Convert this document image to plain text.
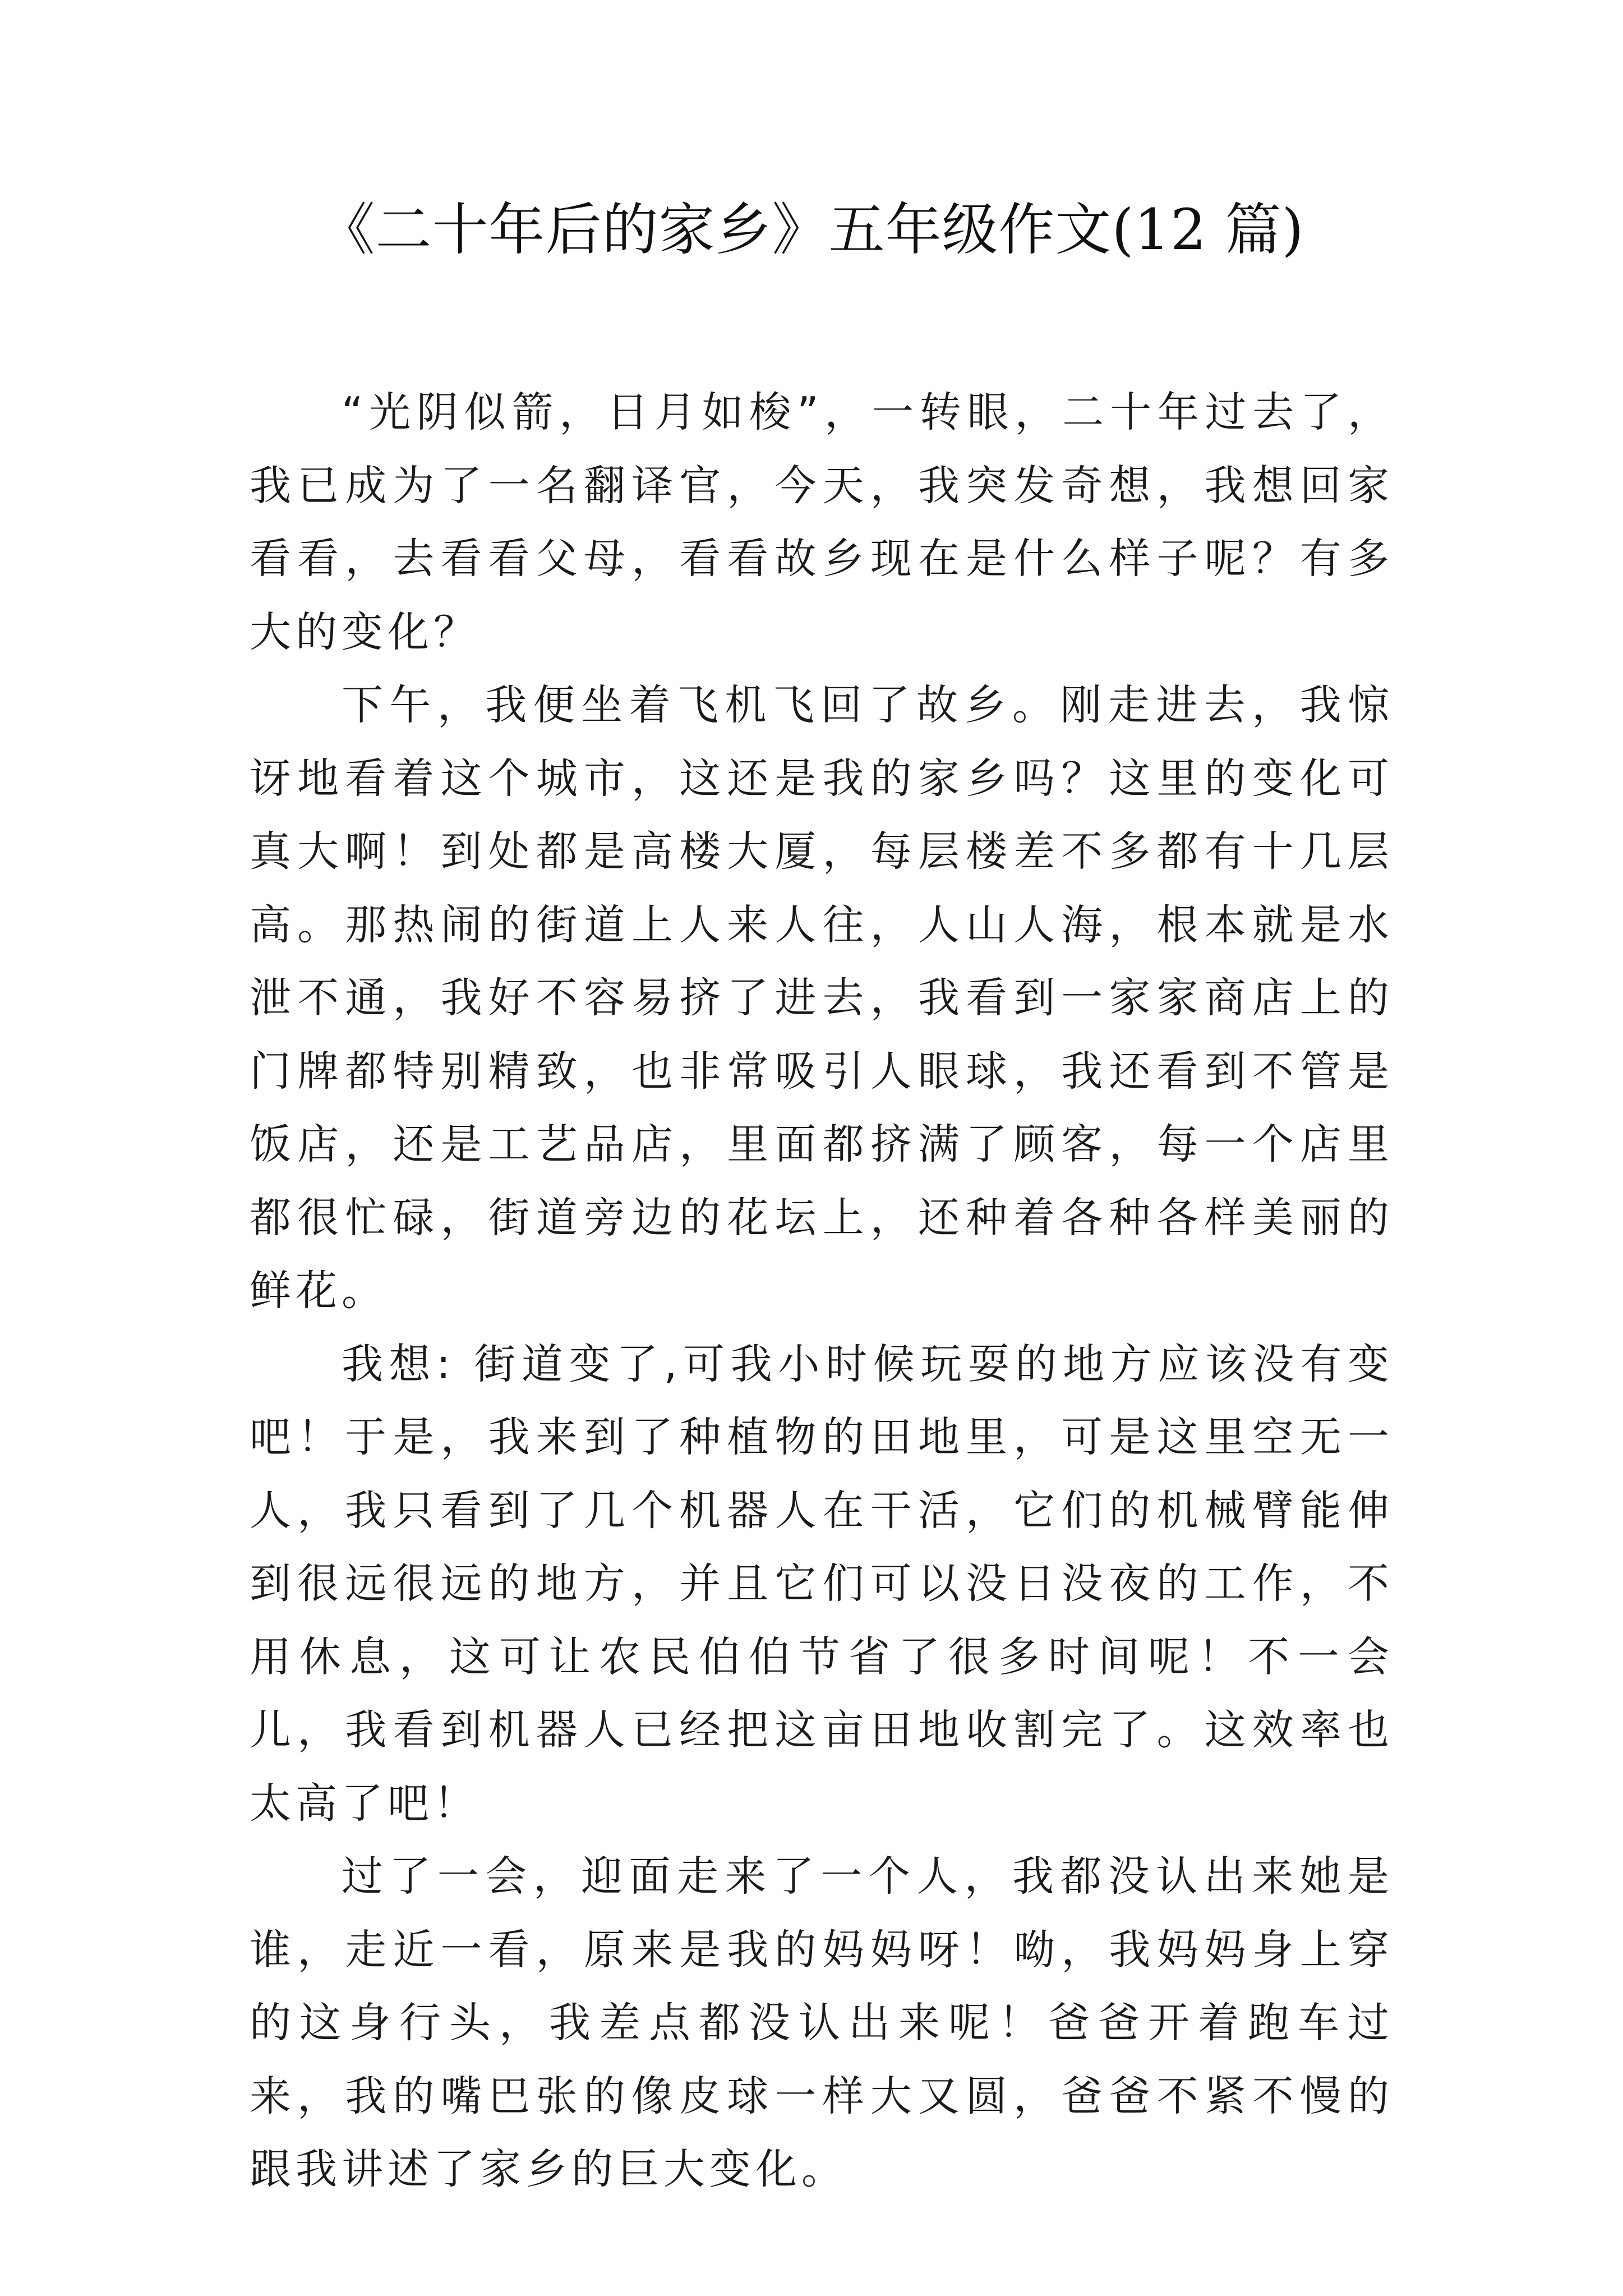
《二十年后的家乡》五年级作文(12 篇)

“光阴似箭，日月如梭”，一转眼，二十年过去了，我已成为了一名翻译官，今天，我突发奇想，我想回家看看，去看看父母，看看故乡现在是什么样子呢？有多大的变化？

下午，我便坐着飞机飞回了故乡。刚走进去，我惊讶地看着这个城市，这还是我的家乡吗？这里的变化可真大啊！到处都是高楼大厦，每层楼差不多都有十几层高。那热闹的街道上人来人往，人山人海，根本就是水泄不通，我好不容易挤了进去，我看到一家家商店上的门牌都特别精致，也非常吸引人眼球，我还看到不管是饭店，还是工艺品店，里面都挤满了顾客，每一个店里都很忙碌，街道旁边的花坛上，还种着各种各样美丽的鲜花。

我想: 街道变了,可我小时候玩耍的地方应该没有变吧！于是，我来到了种植物的田地里，可是这里空无一人，我只看到了几个机器人在干活，它们的机械臂能伸到很远很远的地方，并且它们可以没日没夜的工作，不用休息，这可让农民伯伯节省了很多时间呢！不一会儿，我看到机器人已经把这亩田地收割完了。这效率也太高了吧！

过了一会，迎面走来了一个人，我都没认出来她是谁，走近一看，原来是我的妈妈呀！呦，我妈妈身上穿的这身行头，我差点都没认出来呢！爸爸开着跑车过来，我的嘴巴张的像皮球一样大又圆，爸爸不紧不慢的跟我讲述了家乡的巨大变化。
